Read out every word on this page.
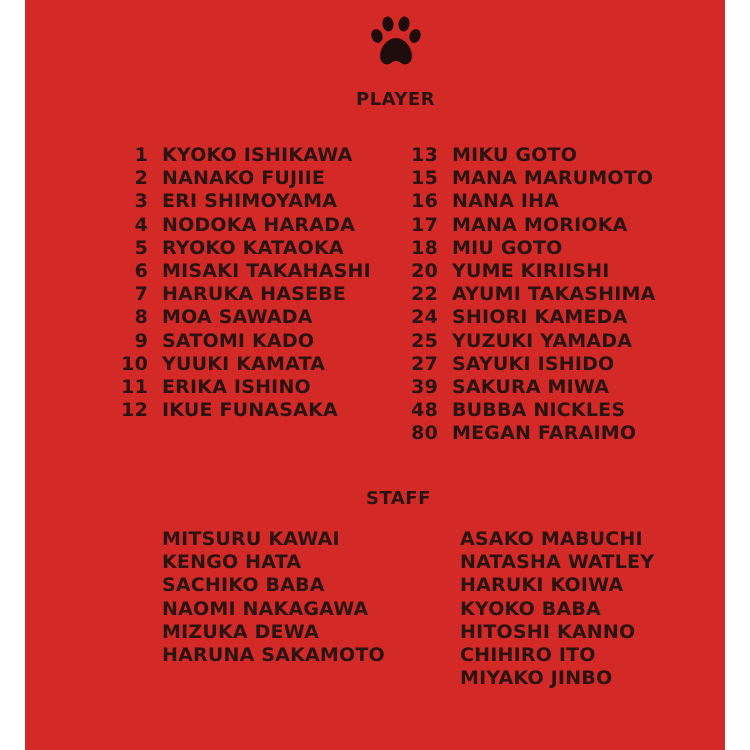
PLAYER
1 KYOKO ISHIKAWA
2 NANAKO FUJIIE
3 ERI SHIMOYAMA
4 NODOKA HARADA
5 RYOKO KATAOKA
6 MISAKI TAKAHASHI
7 HARUKA HASEBE
8 MOA SAWADA
9 SATOMI KADO
10 YUUKI KAMATA
11 ERIKA ISHINO
12 IKUE FUNASAKA
13 MIKU GOTO
15 MANA MARUMOTO
16 NANA IHA
17 MANA MORIOKA
18 MIU GOTO
20 YUME KIRIISHI
22 AYUMI TAKASHIMA
24 SHIORI KAMEDA
25 YUZUKI YAMADA
27 SAYUKI ISHIDO
39 SAKURA MIWA
48 BUBBA NICKLES
80 MEGAN FARAIMO
STAFF
MITSURU KAWAI
KENGO HATA
SACHIKO BABA
NAOMI NAKAGAWA
MIZUKA DEWA
HARUNA SAKAMOTO
ASAKO MABUCHI
NATASHA WATLEY
HARUKI KOIWA
KYOKO BABA
HITOSHI KANNO
CHIHIRO ITO
MIYAKO JINBO
